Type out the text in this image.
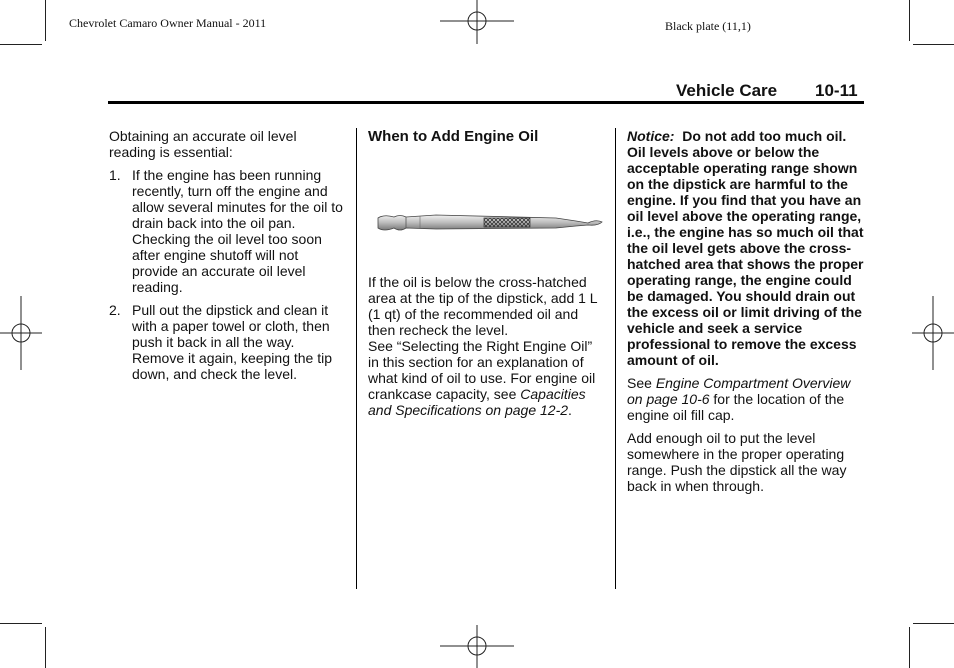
Chevrolet Camaro Owner Manual - 2011	Black plate (11,1)
Vehicle Care 10-11

Obtaining an accurate oil level reading is essential:

1. If the engine has been running recently, turn off the engine and allow several minutes for the oil to drain back into the oil pan. Checking the oil level too soon after engine shutoff will not provide an accurate oil level reading.
2. Pull out the dipstick and clean it with a paper towel or cloth, then push it back in all the way. Remove it again, keeping the tip down, and check the level.
When to Add Engine Oil

If the oil is below the cross-hatched area at the tip of the dipstick, add 1 L (1 qt) of the recommended oil and then recheck the level.

See “Selecting the Right Engine Oil” in this section for an explanation of what kind of oil to use. For engine oil crankcase capacity, see Capacities and Specifications on page 12-2.

Notice: Do not add too much oil. Oil levels above or below the acceptable operating range shown on the dipstick are harmful to the engine. If you find that you have an oil level above the operating range, i.e., the engine has so much oil that the oil level gets above the cross-hatched area that shows the proper operating range, the engine could be damaged. You should drain out the excess oil or limit driving of the vehicle and seek a service professional to remove the excess amount of oil.

See Engine Compartment Overview on page 10-6 for the location of the engine oil fill cap.

Add enough oil to put the level somewhere in the proper operating range. Push the dipstick all the way back in when through.
